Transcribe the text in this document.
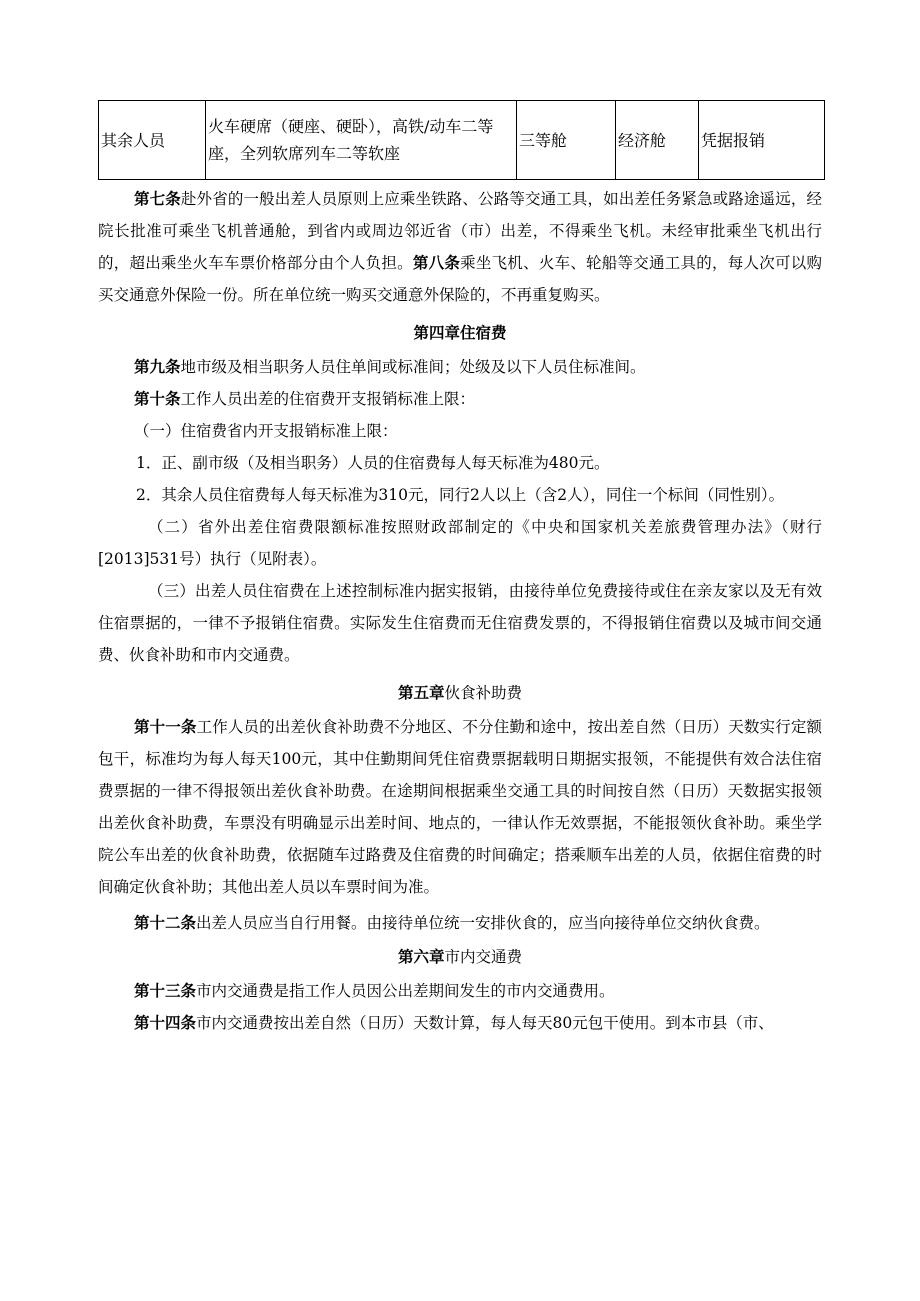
其余人员	火车硬席（硬座、硬卧），高铁/动车二等座，全列软席列车二等软座	三等舱	经济舱	凭据报销

第七条赴外省的一般出差人员原则上应乘坐铁路、公路等交通工具，如出差任务紧急或路途遥远，经院长批准可乘坐飞机普通舱，到省内或周边邻近省（市）出差，不得乘坐飞机。未经审批乘坐飞机出行的，超出乘坐火车车票价格部分由个人负担。第八条乘坐飞机、火车、轮船等交通工具的，每人次可以购买交通意外保险一份。所在单位统一购买交通意外保险的，不再重复购买。

第四章住宿费

第九条地市级及相当职务人员住单间或标准间；处级及以下人员住标准间。

第十条工作人员出差的住宿费开支报销标准上限：

（一）住宿费省内开支报销标准上限：

1．正、副市级（及相当职务）人员的住宿费每人每天标准为480元。

2．其余人员住宿费每人每天标准为310元，同行2人以上（含2人），同住一个标间（同性别）。

（二）省外出差住宿费限额标准按照财政部制定的《中央和国家机关差旅费管理办法》（财行[2013]531号）执行（见附表）。

（三）出差人员住宿费在上述控制标准内据实报销，由接待单位免费接待或住在亲友家以及无有效住宿票据的，一律不予报销住宿费。实际发生住宿费而无住宿费发票的，不得报销住宿费以及城市间交通费、伙食补助和市内交通费。

第五章伙食补助费

第十一条工作人员的出差伙食补助费不分地区、不分住勤和途中，按出差自然（日历）天数实行定额包干，标准均为每人每天100元，其中住勤期间凭住宿费票据载明日期据实报领，不能提供有效合法住宿费票据的一律不得报领出差伙食补助费。在途期间根据乘坐交通工具的时间按自然（日历）天数据实报领出差伙食补助费，车票没有明确显示出差时间、地点的，一律认作无效票据，不能报领伙食补助。乘坐学院公车出差的伙食补助费，依据随车过路费及住宿费的时间确定；搭乘顺车出差的人员，依据住宿费的时间确定伙食补助；其他出差人员以车票时间为准。

第十二条出差人员应当自行用餐。由接待单位统一安排伙食的，应当向接待单位交纳伙食费。

第六章市内交通费

第十三条市内交通费是指工作人员因公出差期间发生的市内交通费用。

第十四条市内交通费按出差自然（日历）天数计算，每人每天80元包干使用。到本市县（市、
